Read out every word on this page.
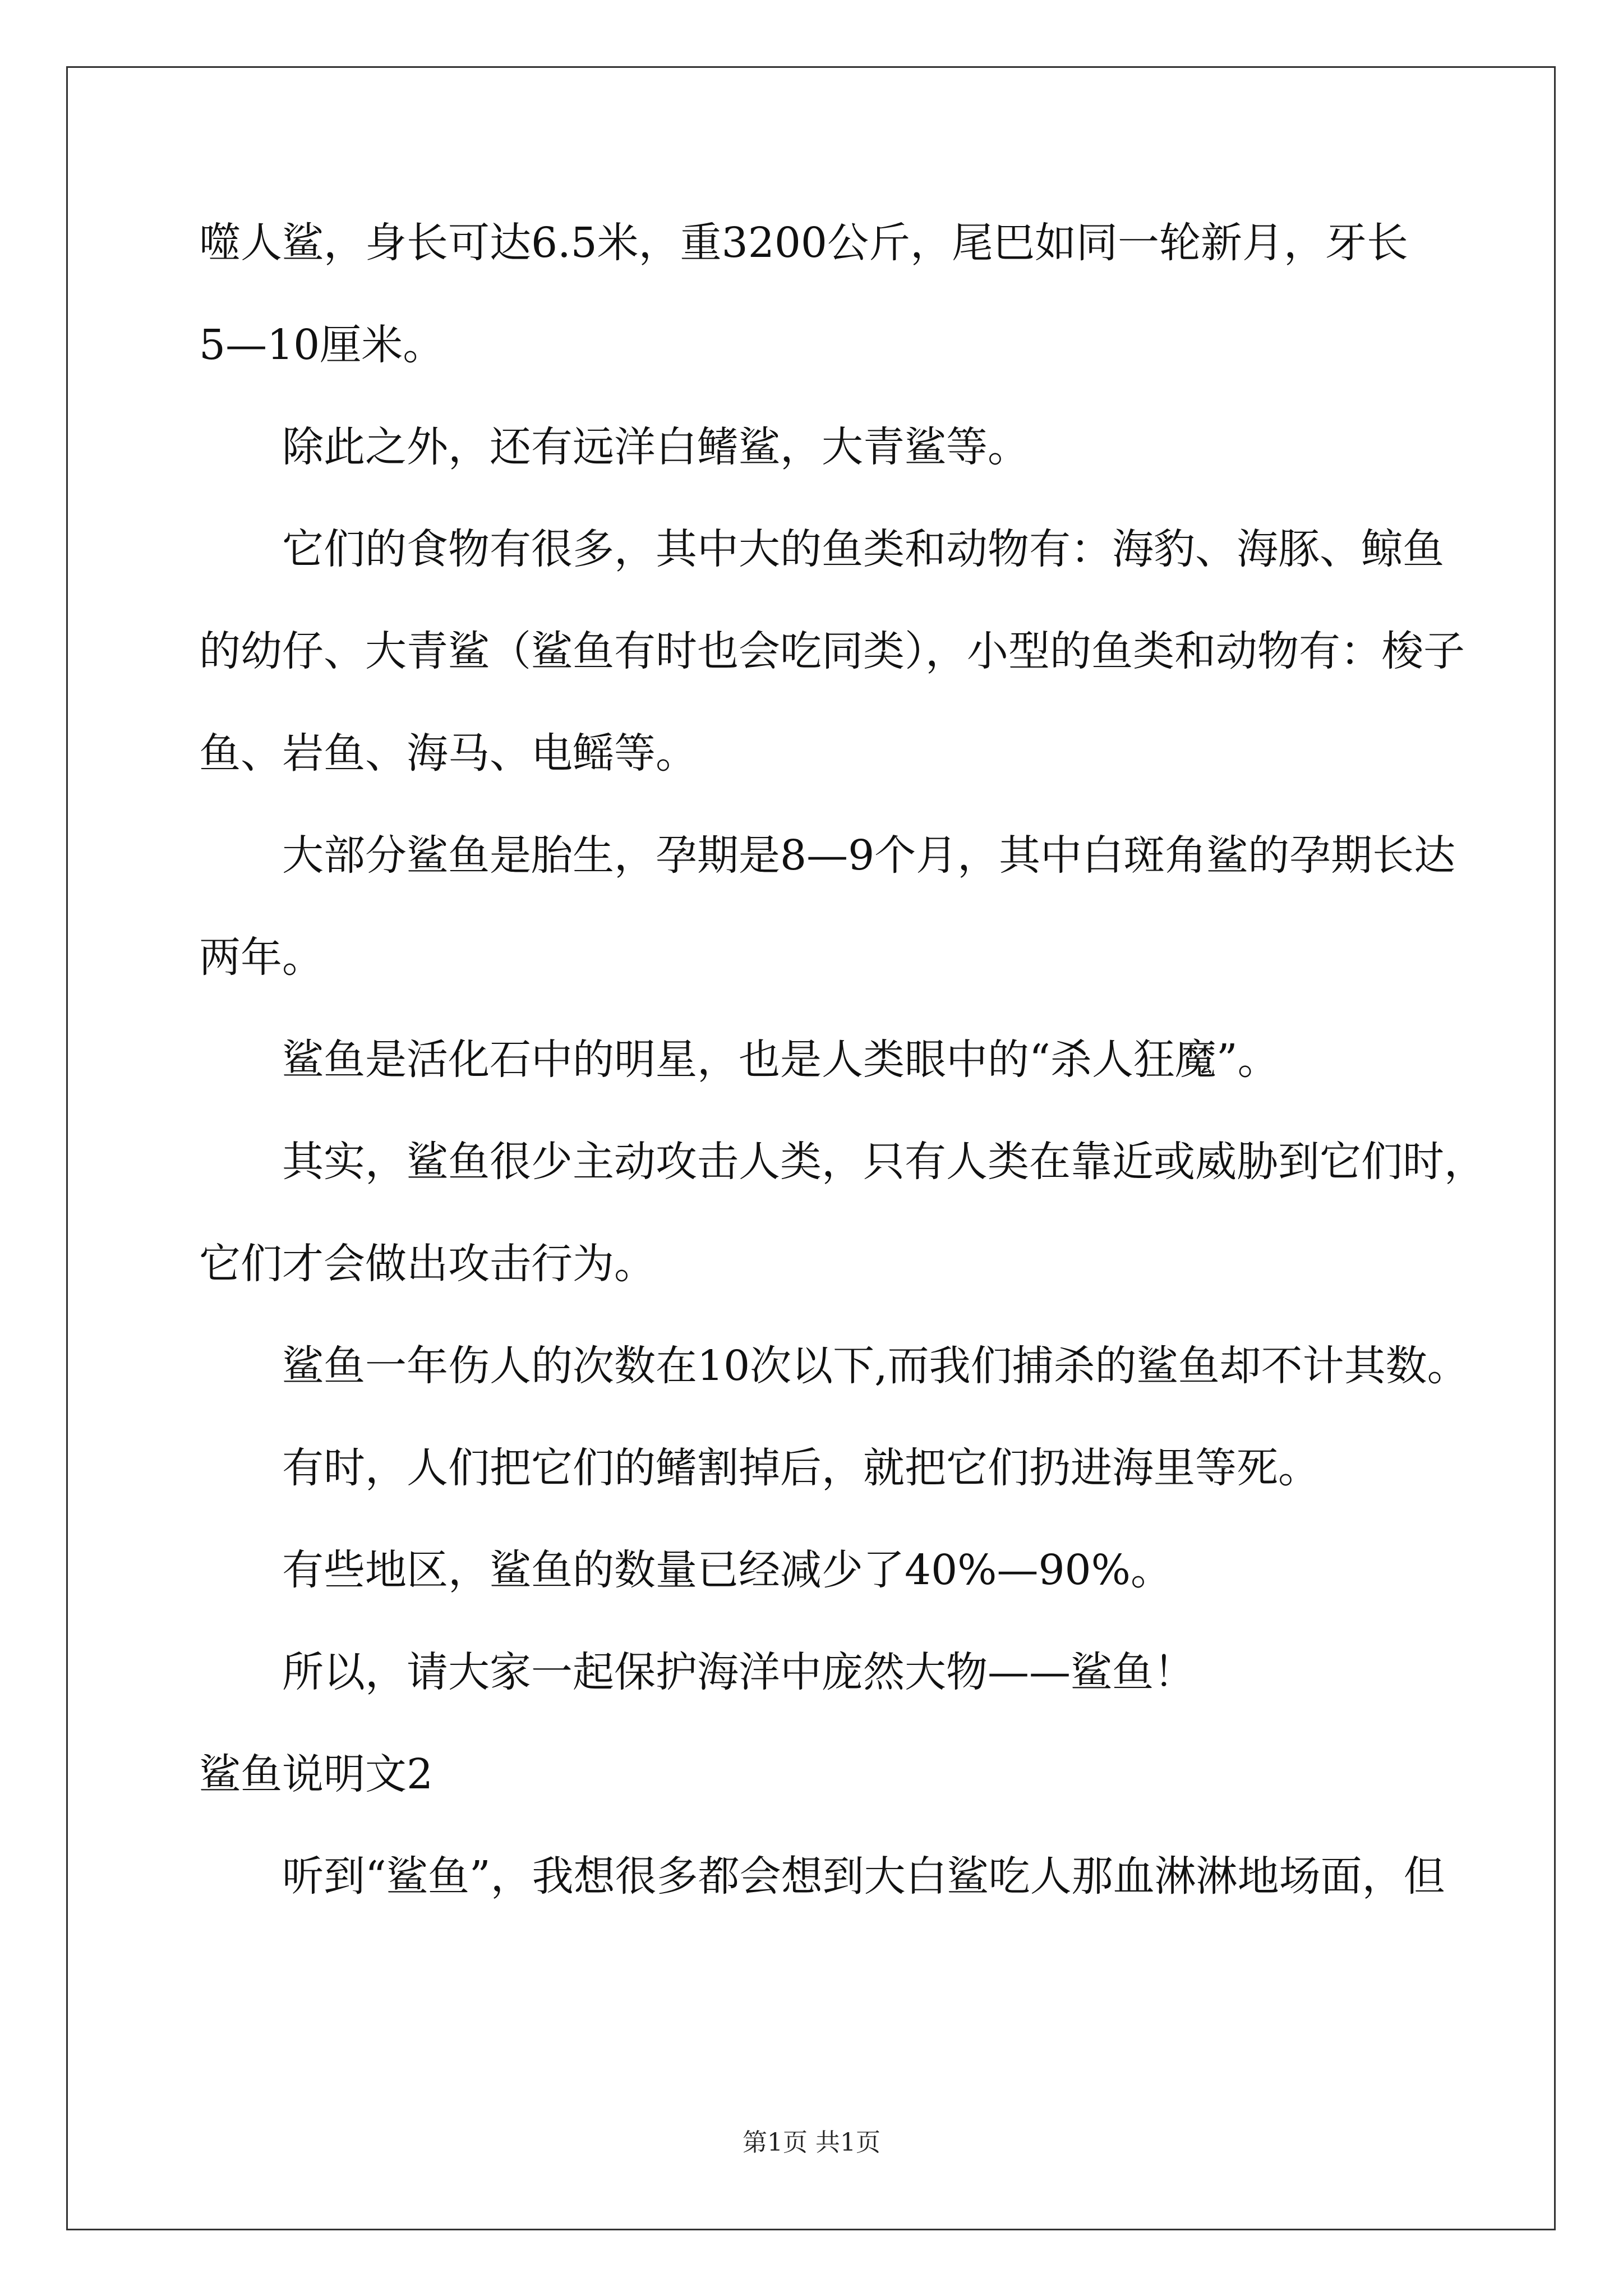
噬人鲨，身长可达6.5米，重3200公斤，尾巴如同一轮新月，牙长
5—10厘米。
除此之外，还有远洋白鳍鲨，大青鲨等。
它们的食物有很多，其中大的鱼类和动物有：海豹、海豚、鲸鱼
的幼仔、大青鲨（鲨鱼有时也会吃同类），小型的鱼类和动物有：梭子
鱼、岩鱼、海马、电鳐等。
大部分鲨鱼是胎生，孕期是8—9个月，其中白斑角鲨的孕期长达
两年。
鲨鱼是活化石中的明星，也是人类眼中的“杀人狂魔”。
其实，鲨鱼很少主动攻击人类，只有人类在靠近或威胁到它们时，
它们才会做出攻击行为。
鲨鱼一年伤人的次数在10次以下,而我们捕杀的鲨鱼却不计其数。
有时，人们把它们的鳍割掉后，就把它们扔进海里等死。
有些地区，鲨鱼的数量已经减少了40%—90%。
所以，请大家一起保护海洋中庞然大物——鲨鱼！
鲨鱼说明文2
听到“鲨鱼”，我想很多都会想到大白鲨吃人那血淋淋地场面，但
第1页 共1页
